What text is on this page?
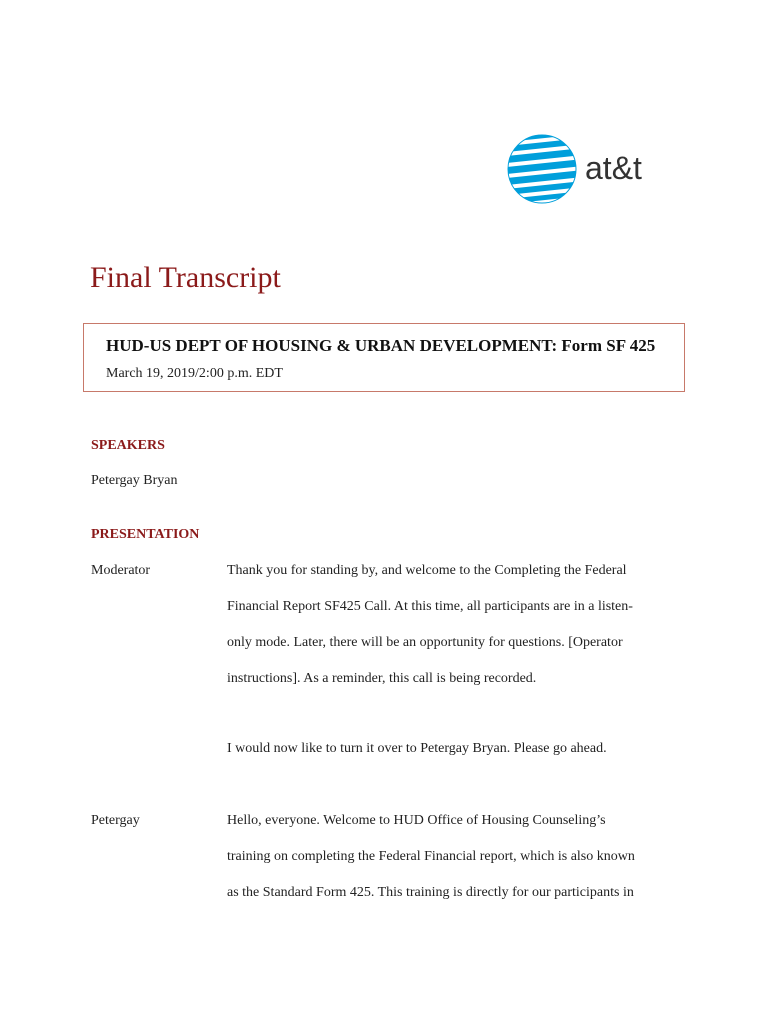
at&t
Final Transcript
HUD-US DEPT OF HOUSING & URBAN DEVELOPMENT: Form SF 425
March 19, 2019/2:00 p.m. EDT
SPEAKERS
Petergay Bryan
PRESENTATION
Moderator	Thank you for standing by, and welcome to the Completing the Federal

Financial Report SF425 Call. At this time, all participants are in a listen-

only mode. Later, there will be an opportunity for questions. [Operator

instructions]. As a reminder, this call is being recorded.

I would now like to turn it over to Petergay Bryan. Please go ahead.

Petergay	Hello, everyone. Welcome to HUD Office of Housing Counseling’s

training on completing the Federal Financial report, which is also known

as the Standard Form 425. This training is directly for our participants in
